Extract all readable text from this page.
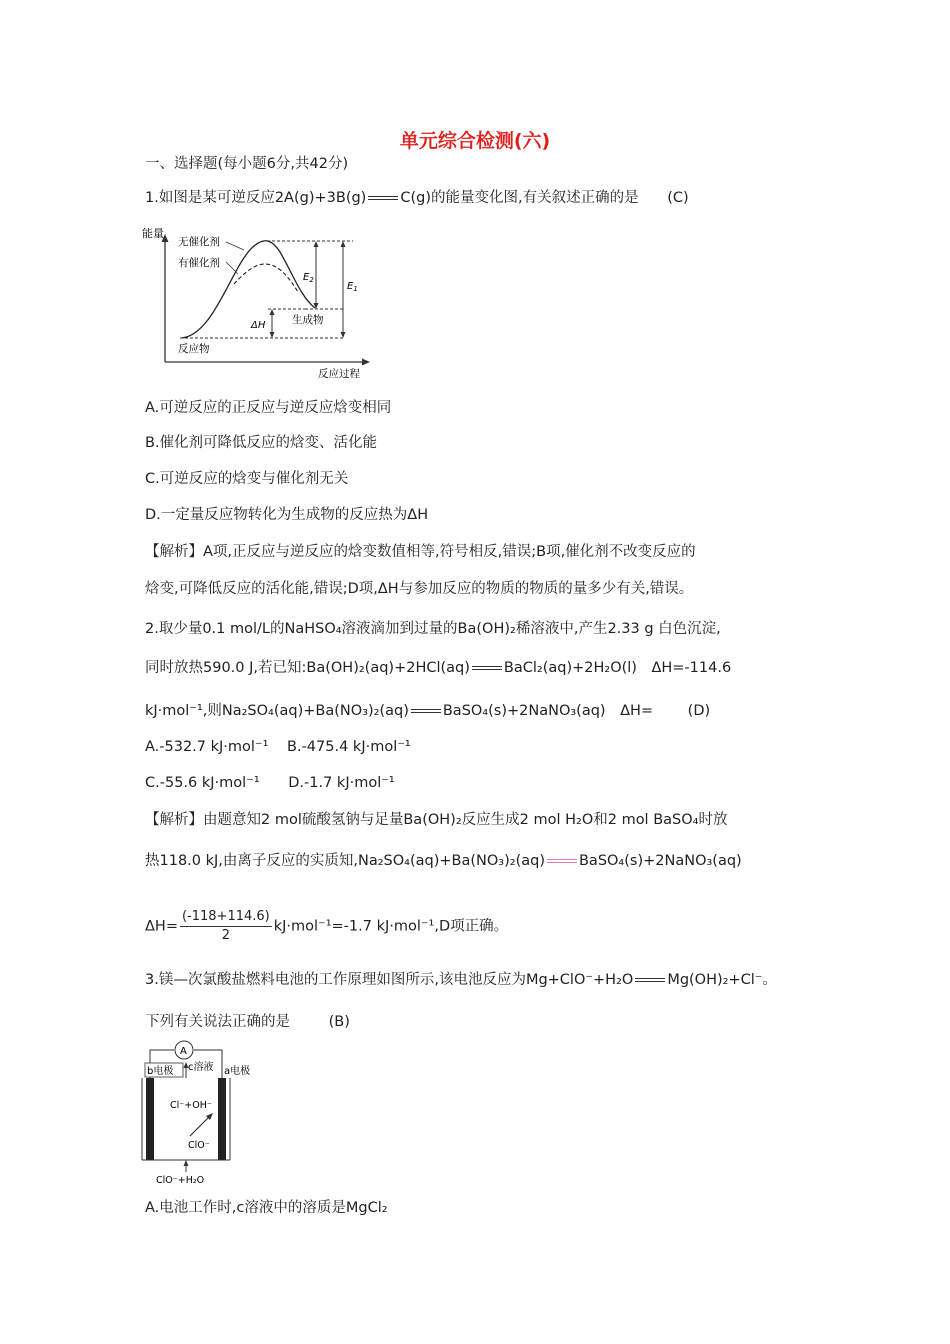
单元综合检测(六)
一、选择题(每小题6分,共42分)
1.如图是某可逆反应2A(g)+3B(g) C(g)的能量变化图,有关叙述正确的是 (C)
能量
反应过程
无催化剂
有催化剂
$E_2$
$E_1$
ΔH	生成物
反应物
A.可逆反应的正反应与逆反应焓变相同
B.催化剂可降低反应的焓变、活化能
C.可逆反应的焓变与催化剂无关
D.一定量反应物转化为生成物的反应热为ΔH
【解析】A项,正反应与逆反应的焓变数值相等,符号相反,错误;B项,催化剂不改变反应的
焓变,可降低反应的活化能,错误;D项,ΔH与参加反应的物质的物质的量多少有关,错误。
2.取少量0.1 mol/L的NaHSO₄溶液滴加到过量的Ba(OH)₂稀溶液中,产生2.33 g 白色沉淀,
同时放热590.0 J,若已知:Ba(OH)₂(aq)+2HCl(aq) BaCl₂(aq)+2H₂O(l)　ΔH=-114.6
kJ·mol⁻¹,则Na₂SO₄(aq)+Ba(NO₃)₂(aq) BaSO₄(s)+2NaNO₃(aq)　ΔH= (D)
A.-532.7 kJ·mol⁻¹ B.-475.4 kJ·mol⁻¹
C.-55.6 kJ·mol⁻¹ D.-1.7 kJ·mol⁻¹
【解析】由题意知2 mol硫酸氢钠与足量Ba(OH)₂反应生成2 mol H₂O和2 mol BaSO₄时放
热118.0 kJ,由离子反应的实质知,Na₂SO₄(aq)+Ba(NO₃)₂(aq) BaSO₄(s)+2NaNO₃(aq)
$\Delta H= \frac{(-118+114.6)}{2} kJ\cdot mol^{-1}=-1.7$ kJ·mol⁻¹,D项正确。
3.镁—次氯酸盐燃料电池的工作原理如图所示,该电池反应为Mg+ClO⁻+H₂O Mg(OH)₂+Cl⁻。
下列有关说法正确的是	(B)
A
b电极 c溶液 a电极
Cl⁻+OH⁻
ClO⁻
ClO⁻+H₂O
A.电池工作时,c溶液中的溶质是MgCl₂
